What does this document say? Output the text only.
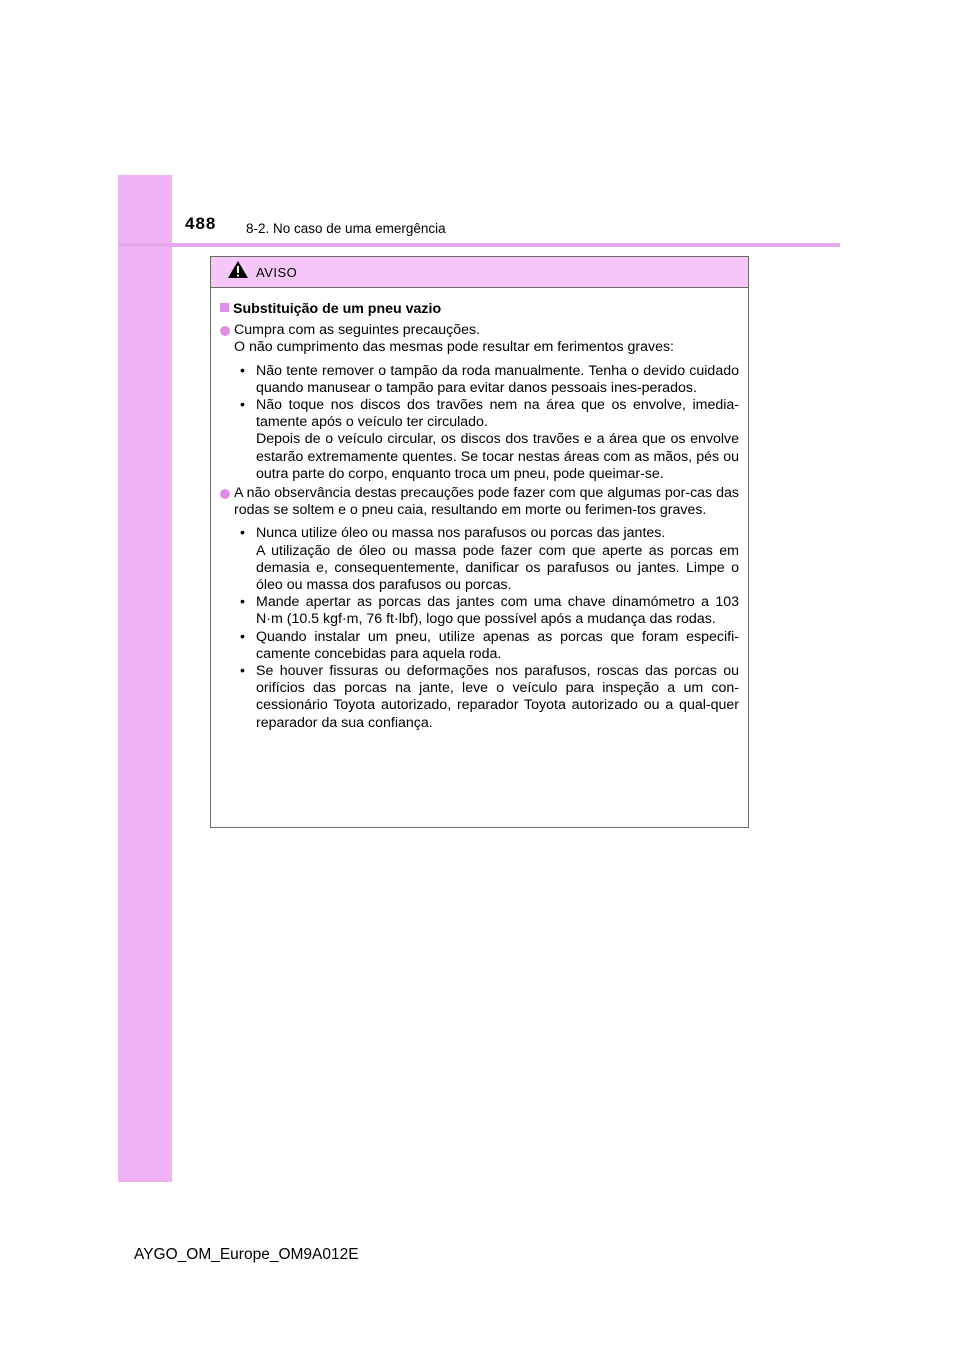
488 8-2. No caso de uma emergência
AVISO
Substituição de um pneu vazio
Cumpra com as seguintes precauções.
O não cumprimento das mesmas pode resultar em ferimentos graves:
• Não tente remover o tampão da roda manualmente. Tenha o devido cuidado quando manusear o tampão para evitar danos pessoais ines-perados.
• Não toque nos discos dos travões nem na área que os envolve, imedia-tamente após o veículo ter circulado.
Depois de o veículo circular, os discos dos travões e a área que os envolve estarão extremamente quentes. Se tocar nestas áreas com as mãos, pés ou outra parte do corpo, enquanto troca um pneu, pode queimar-se.
A não observância destas precauções pode fazer com que algumas por-cas das rodas se soltem e o pneu caia, resultando em morte ou ferimen-tos graves.
• Nunca utilize óleo ou massa nos parafusos ou porcas das jantes.
A utilização de óleo ou massa pode fazer com que aperte as porcas em demasia e, consequentemente, danificar os parafusos ou jantes. Limpe o óleo ou massa dos parafusos ou porcas.
• Mande apertar as porcas das jantes com uma chave dinamómetro a 103 N·m (10.5 kgf·m, 76 ft·lbf), logo que possível após a mudança das rodas.
• Quando instalar um pneu, utilize apenas as porcas que foram especifi-camente concebidas para aquela roda.
• Se houver fissuras ou deformações nos parafusos, roscas das porcas ou orifícios das porcas na jante, leve o veículo para inspeção a um con-cessionário Toyota autorizado, reparador Toyota autorizado ou a qual-quer reparador da sua confiança.
AYGO_OM_Europe_OM9A012E
